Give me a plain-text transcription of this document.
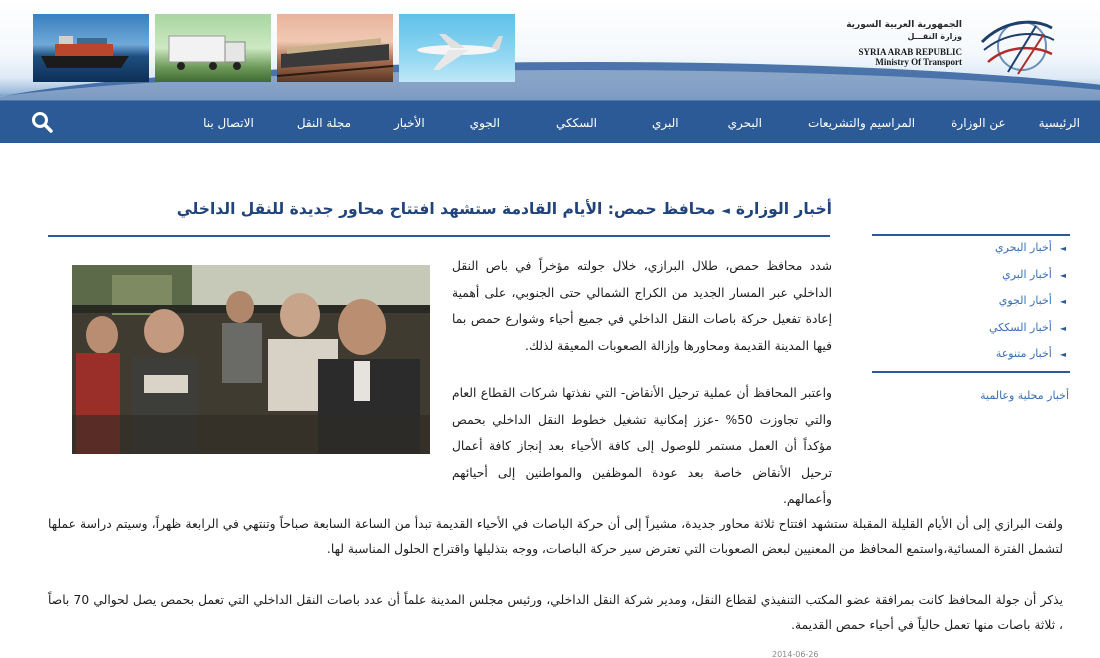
الجمهورية العربية السورية
وزارة النقـــل
SYRIA ARAB REPUBLIC
Ministry Of Transport
الرئيسية
عن الوزارة
المراسيم والتشريعات
البحري
البري
السككي
الجوي
الأخبار
مجلة النقل
الاتصال بنا
أخبار الوزارة◄محافظ حمص: الأيام القادمة ستشهد افتتاح محاور جديدة للنقل الداخلي
شدد محافظ حمص، طلال البرازي، خلال جولته مؤخراً في باص النقل الداخلي عبر المسار الجديد من الكراج الشمالي حتى الجنوبي، على أهمية إعادة تفعيل حركة باصات النقل الداخلي في جميع أحياء وشوارع حمص بما فيها المدينة القديمة ومحاورها وإزالة الصعوبات المعيقة لذلك.
واعتبر المحافظ أن عملية ترحيل الأنقاض- التي نفذتها شركات القطاع العام والتي تجاوزت 50% -عزز إمكانية تشغيل خطوط النقل الداخلي بحمص مؤكداً أن العمل مستمر للوصول إلى كافة الأحياء بعد إنجاز كافة أعمال ترحيل الأنقاض خاصة بعد عودة الموظفين والمواطنين إلى أحيائهم وأعمالهم.
ولفت البرازي إلى أن الأيام القليلة المقبلة ستشهد افتتاح ثلاثة محاور جديدة، مشيراً إلى أن حركة الباصات في الأحياء القديمة تبدأ من الساعة السابعة صباحاً وتنتهي في الرابعة ظهراً، وسيتم دراسة عملها لتشمل الفترة المسائية،واستمع المحافظ من المعنيين لبعض الصعوبات التي تعترض سير حركة الباصات، ووجه بتذليلها واقتراح الحلول المناسبة لها.
يذكر أن جولة المحافظ كانت بمرافقة عضو المكتب التنفيذي لقطاع النقل، ومدير شركة النقل الداخلي، ورئيس مجلس المدينة علماً أن عدد باصات النقل الداخلي التي تعمل بحمص يصل لحوالي 70 باصاً ، ثلاثة باصات منها تعمل حالياً في أحياء حمص القديمة.
2014-06-26
◄أخبار البحري
◄أخبار البري
◄أخبار الجوي
◄أخبار السككي
◄أخبار متنوعة
أخبار محلية وعالمية
